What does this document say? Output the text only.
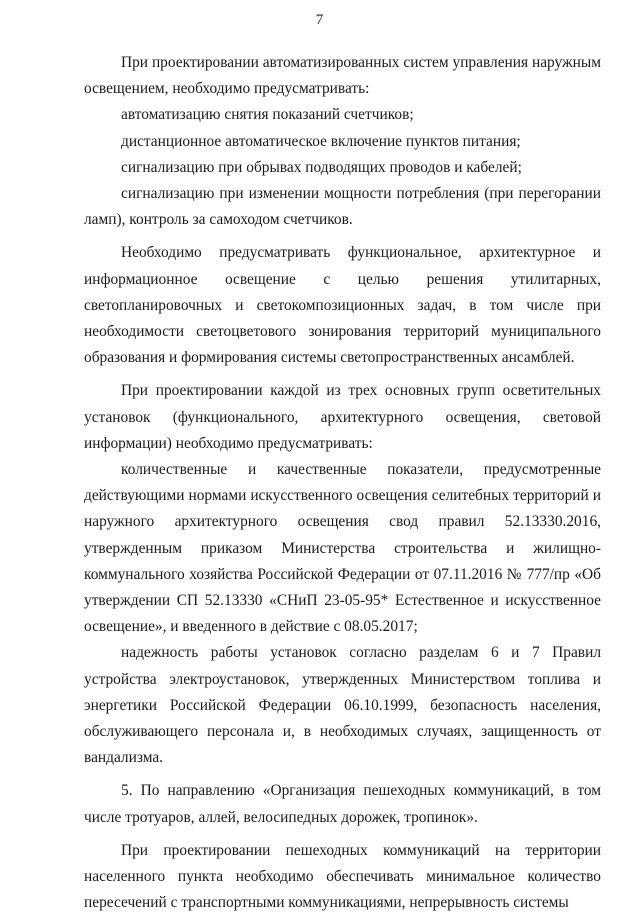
7

При проектировании автоматизированных систем управления наружным освещением, необходимо предусматривать:

автоматизацию снятия показаний счетчиков;

дистанционное автоматическое включение пунктов питания;

сигнализацию при обрывах подводящих проводов и кабелей;

сигнализацию при изменении мощности потребления (при перегорании ламп), контроль за самоходом счетчиков.

Необходимо предусматривать функциональное, архитектурное и информационное освещение с целью решения утилитарных, светопланировочных и светокомпозиционных задач, в том числе при необходимости светоцветового зонирования территорий муниципального образования и формирования системы светопространственных ансамблей.

При проектировании каждой из трех основных групп осветительных установок (функционального, архитектурного освещения, световой информации) необходимо предусматривать:

количественные и качественные показатели, предусмотренные действующими нормами искусственного освещения селитебных территорий и наружного архитектурного освещения свод правил 52.13330.2016, утвержденным приказом Министерства строительства и жилищно-коммунального хозяйства Российской Федерации от 07.11.2016 № 777/пр «Об утверждении СП 52.13330 «СНиП 23-05-95* Естественное и искусственное освещение», и введенного в действие с 08.05.2017;

надежность работы установок согласно разделам 6 и 7 Правил устройства электроустановок, утвержденных Министерством топлива и энергетики Российской Федерации 06.10.1999, безопасность населения, обслуживающего персонала и, в необходимых случаях, защищенность от вандализма.

5. По направлению «Организация пешеходных коммуникаций, в том числе тротуаров, аллей, велосипедных дорожек, тропинок».

При проектировании пешеходных коммуникаций на территории населенного пункта необходимо обеспечивать минимальное количество пересечений с транспортными коммуникациями, непрерывность системы
